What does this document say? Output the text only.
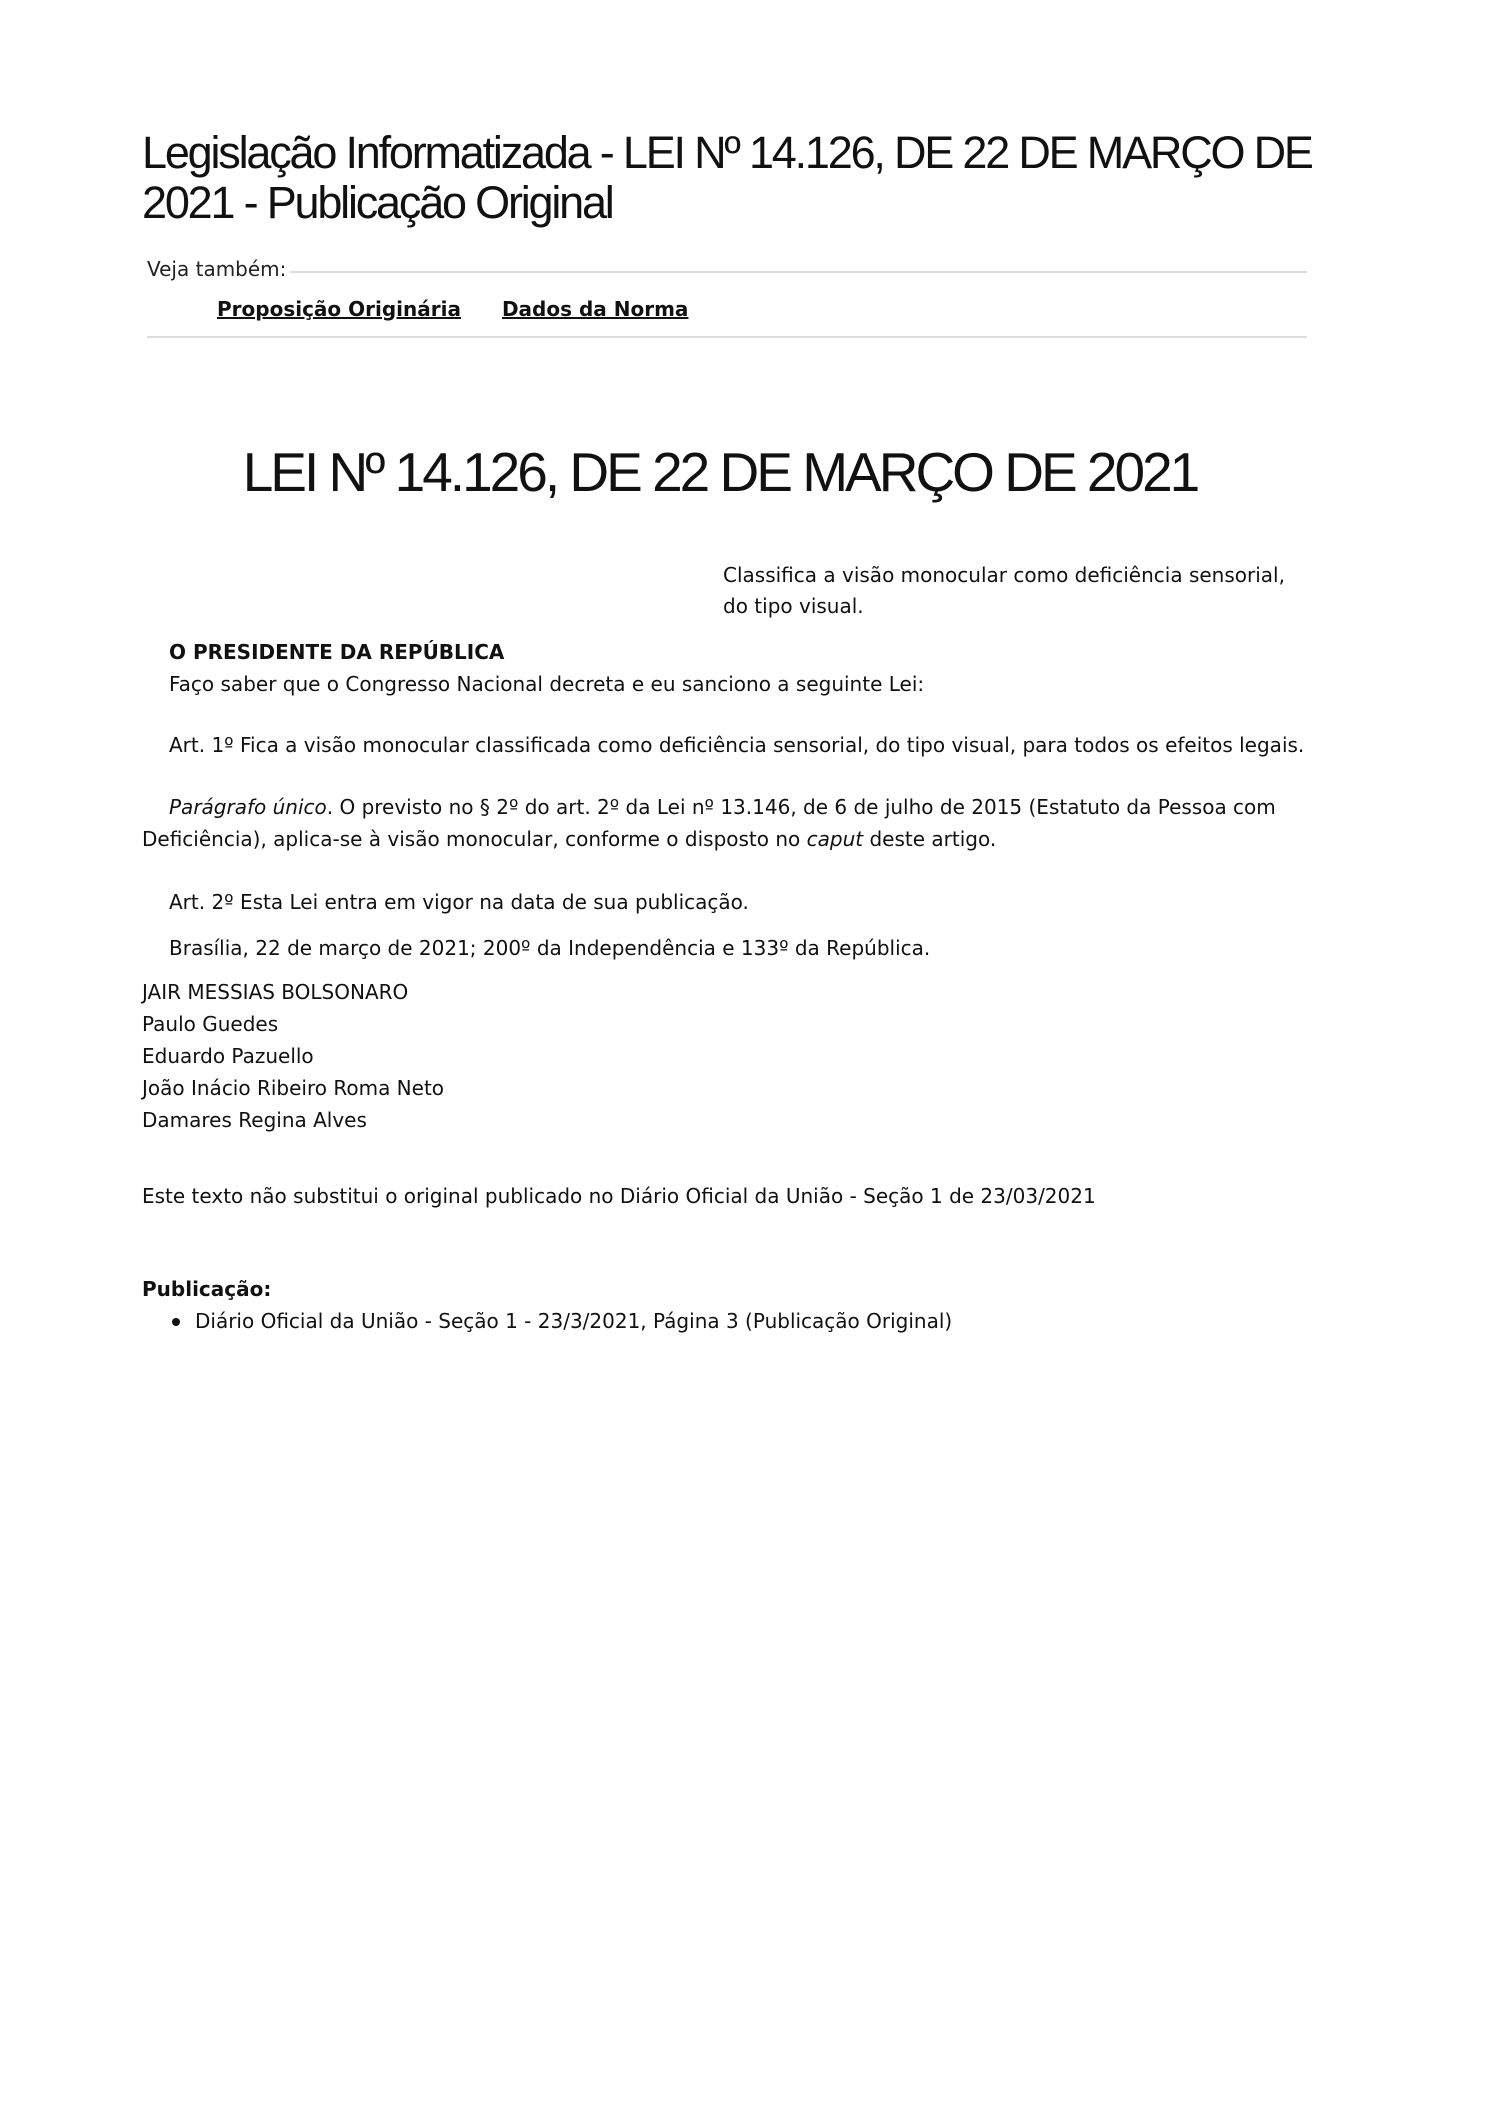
Legislação Informatizada - LEI Nº 14.126, DE 22 DE MARÇO DE 2021 - Publicação Original
Veja também:
Proposição Originária Dados da Norma
LEI Nº 14.126, DE 22 DE MARÇO DE 2021

Classifica a visão monocular como deficiência sensorial, do tipo visual.

O PRESIDENTE DA REPÚBLICA

Faço saber que o Congresso Nacional decreta e eu sanciono a seguinte Lei:

Art. 1º Fica a visão monocular classificada como deficiência sensorial, do tipo visual, para todos os efeitos legais.

Parágrafo único. O previsto no § 2º do art. 2º da Lei nº 13.146, de 6 de julho de 2015 (Estatuto da Pessoa com Deficiência), aplica-se à visão monocular, conforme o disposto no caput deste artigo.

Art. 2º Esta Lei entra em vigor na data de sua publicação.

Brasília, 22 de março de 2021; 200º da Independência e 133º da República.

JAIR MESSIAS BOLSONARO
Paulo Guedes
Eduardo Pazuello
João Inácio Ribeiro Roma Neto
Damares Regina Alves

Este texto não substitui o original publicado no Diário Oficial da União - Seção 1 de 23/03/2021

Publicação:

Diário Oficial da União - Seção 1 - 23/3/2021, Página 3 (Publicação Original)
